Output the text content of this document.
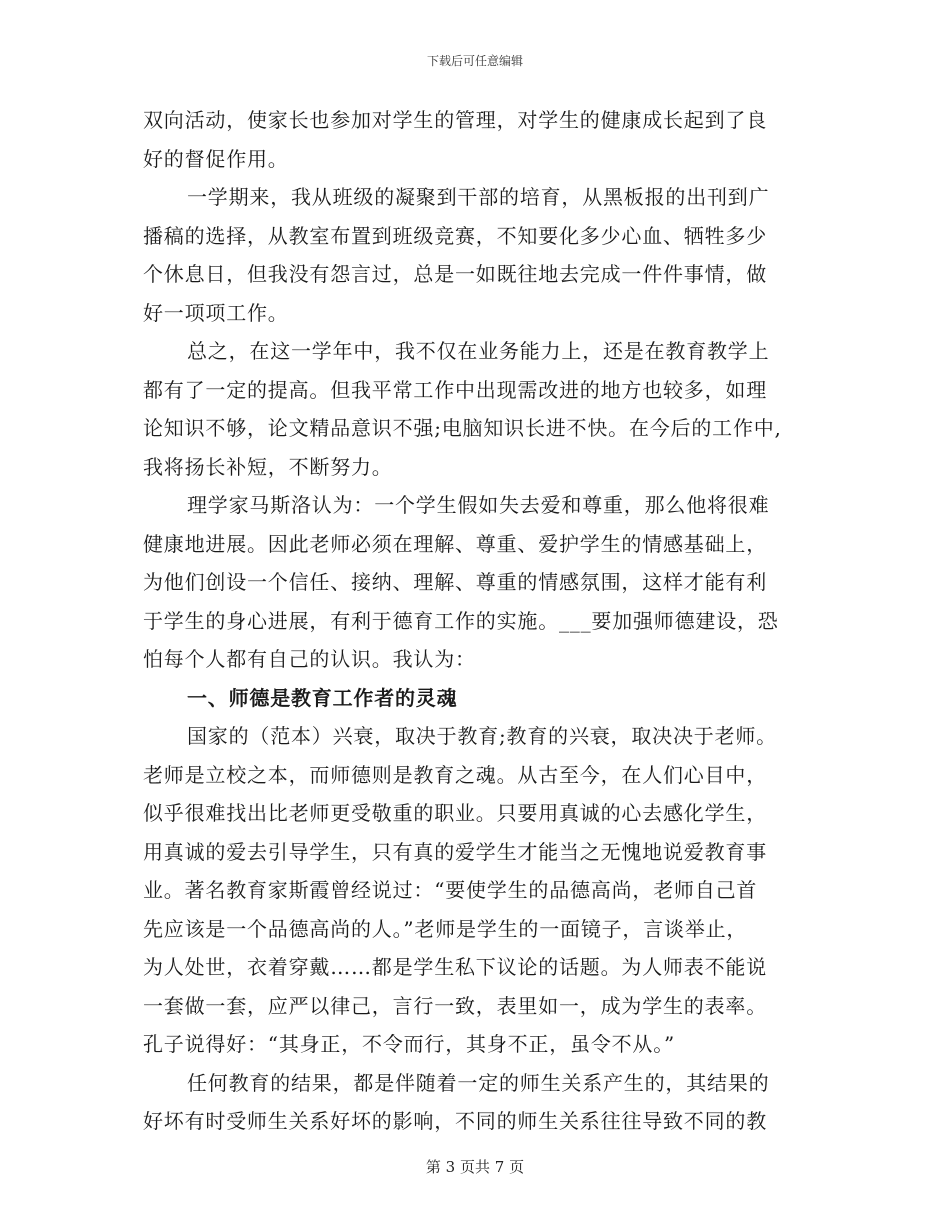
下载后可任意编辑
双向活动，使家长也参加对学生的管理，对学生的健康成长起到了良
好的督促作用。
一学期来，我从班级的凝聚到干部的培育，从黑板报的出刊到广
播稿的选择，从教室布置到班级竞赛，不知要化多少心血、牺牲多少
个休息日，但我没有怨言过，总是一如既往地去完成一件件事情，做
好一项项工作。
总之，在这一学年中，我不仅在业务能力上，还是在教育教学上
都有了一定的提高。但我平常工作中出现需改进的地方也较多，如理
论知识不够，论文精品意识不强;电脑知识长进不快。在今后的工作中,
我将扬长补短，不断努力。
理学家马斯洛认为：一个学生假如失去爱和尊重，那么他将很难
健康地进展。因此老师必须在理解、尊重、爱护学生的情感基础上，
为他们创设一个信任、接纳、理解、尊重的情感氛围，这样才能有利
于学生的身心进展，有利于德育工作的实施。___要加强师德建设，恐
怕每个人都有自己的认识。我认为：
一、师德是教育工作者的灵魂
国家的（范本）兴衰，取决于教育;教育的兴衰，取决决于老师。
老师是立校之本，而师德则是教育之魂。从古至今，在人们心目中，
似乎很难找出比老师更受敬重的职业。只要用真诚的心去感化学生，
用真诚的爱去引导学生，只有真的爱学生才能当之无愧地说爱教育事
业。著名教育家斯霞曾经说过：“要使学生的品德高尚，老师自己首
先应该是一个品德高尚的人。”老师是学生的一面镜子，言谈举止，
为人处世，衣着穿戴……都是学生私下议论的话题。为人师表不能说
一套做一套，应严以律己，言行一致，表里如一，成为学生的表率。
孔子说得好：“其身正，不令而行，其身不正，虽令不从。”
任何教育的结果，都是伴随着一定的师生关系产生的，其结果的
好坏有时受师生关系好坏的影响，不同的师生关系往往导致不同的教
第 3 页共 7 页
